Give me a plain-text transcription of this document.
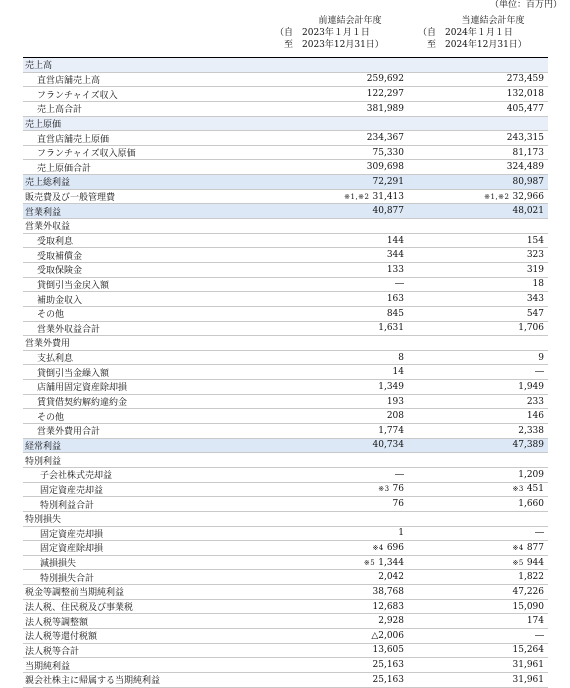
（単位：百万円）
前連結会計年度
（自　2023年１月１日
　至　2023年12月31日）
当連結会計年度
（自　2024年１月１日
　至　2024年12月31日）
売上高		
直営店舗売上高	259,692	273,459
フランチャイズ収入	122,297	132,018
売上高合計	381,989	405,477
売上原価		
直営店舗売上原価	234,367	243,315
フランチャイズ収入原価	75,330	81,173
売上原価合計	309,698	324,489
売上総利益	72,291	80,987
販売費及び一般管理費	※1,※2 31,413	※1,※2 32,966
営業利益	40,877	48,021
営業外収益		
受取利息	144	154
受取補償金	344	323
受取保険金	133	319
貸倒引当金戻入額	―	18
補助金収入	163	343
その他	845	547
営業外収益合計	1,631	1,706
営業外費用		
支払利息	8	9
貸倒引当金繰入額	14	―
店舗用固定資産除却損	1,349	1,949
賃貸借契約解約違約金	193	233
その他	208	146
営業外費用合計	1,774	2,338
経常利益	40,734	47,389
特別利益		
子会社株式売却益	―	1,209
固定資産売却益	※3 76	※3 451
特別利益合計	76	1,660
特別損失		
固定資産売却損	1	―
固定資産除却損	※4 696	※4 877
減損損失	※5 1,344	※5 944
特別損失合計	2,042	1,822
税金等調整前当期純利益	38,768	47,226
法人税、住民税及び事業税	12,683	15,090
法人税等調整額	2,928	174
法人税等還付税額	△2,006	―
法人税等合計	13,605	15,264
当期純利益	25,163	31,961
親会社株主に帰属する当期純利益	25,163	31,961
